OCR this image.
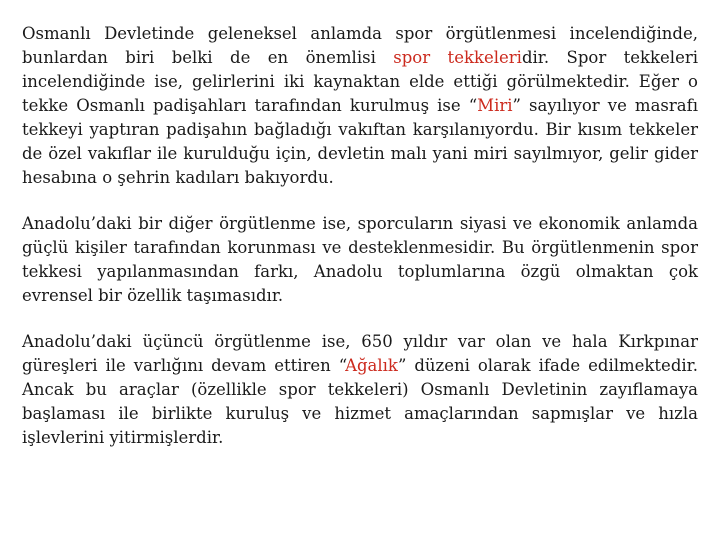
Osmanlı Devletinde geleneksel anlamda spor örgütlenmesi incelendiğinde, bunlardan biri belki de en önemlisi spor tekkeleridir. Spor tekkeleri incelendiğinde ise, gelirlerini iki kaynaktan elde ettiği görülmektedir. Eğer o tekke Osmanlı padişahları tarafından kurulmuş ise “Miri” sayılıyor ve masrafı tekkeyi yaptıran padişahın bağladığı vakıftan karşılanıyordu. Bir kısım tekkeler de özel vakıflar ile kurulduğu için, devletin malı yani miri sayılmıyor, gelir gider hesabına o şehrin kadıları bakıyordu.

Anadolu’daki bir diğer örgütlenme ise, sporcuların siyasi ve ekonomik anlamda güçlü kişiler tarafından korunması ve desteklenmesidir. Bu örgütlenmenin spor tekkesi yapılanmasından farkı, Anadolu toplumlarına özgü olmaktan çok evrensel bir özellik taşımasıdır.

Anadolu’daki üçüncü örgütlenme ise, 650 yıldır var olan ve hala Kırkpınar güreşleri ile varlığını devam ettiren “Ağalık” düzeni olarak ifade edilmektedir. Ancak bu araçlar (özellikle spor tekkeleri) Osmanlı Devletinin zayıflamaya başlaması ile birlikte kuruluş ve hizmet amaçlarından sapmışlar ve hızla işlevlerini yitirmişlerdir.
